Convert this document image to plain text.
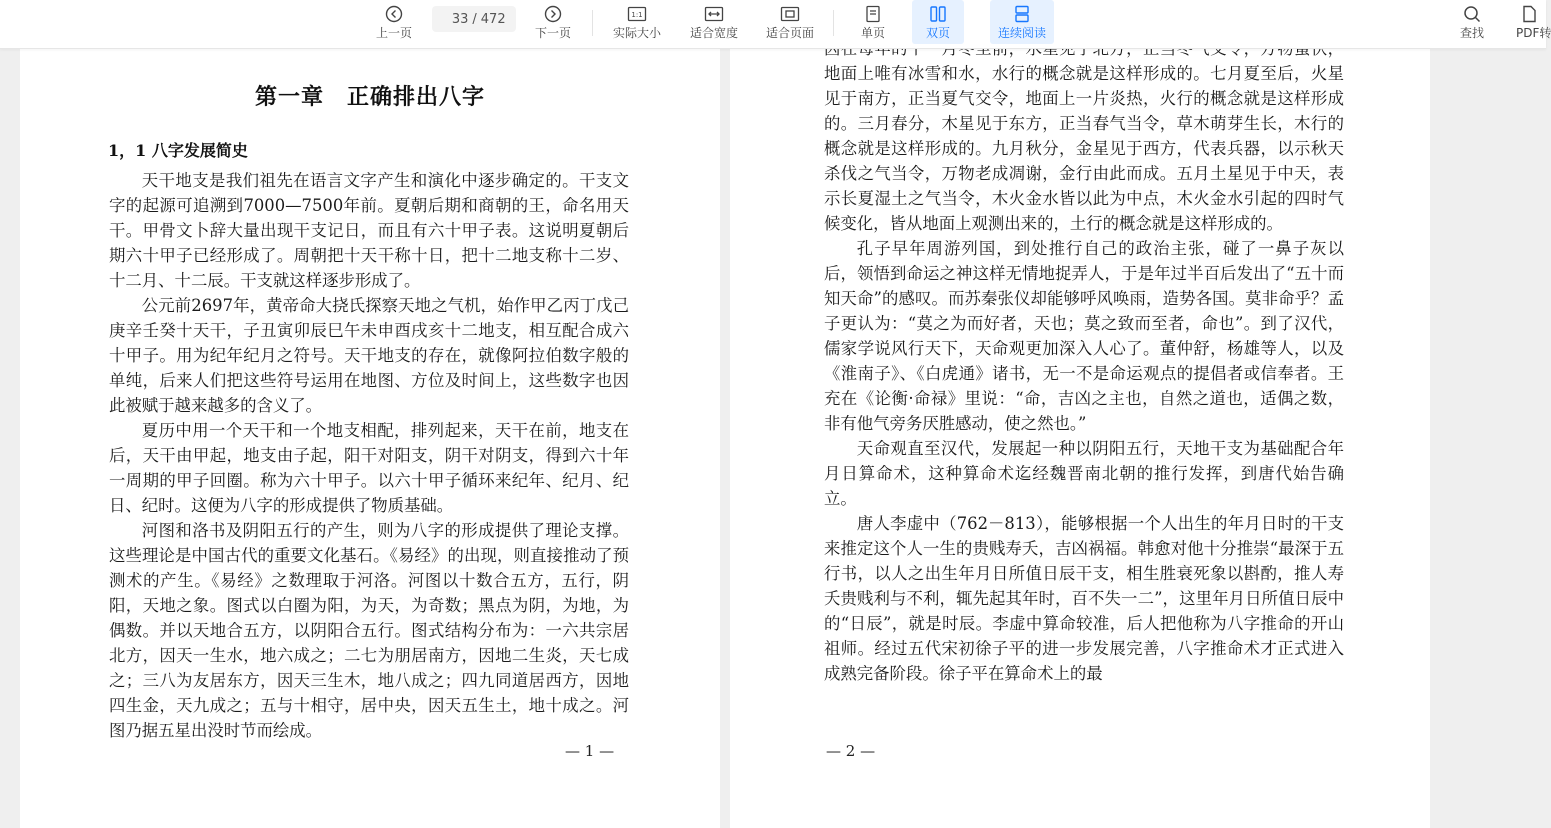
上一页
33
/ 472
下一页
1:1
实际大小 适合宽度 适合页面	单页	双页	连续阅读	查找	PDF转
第一章　正确排出八字
1，1 八字发展简史

天干地支是我们祖先在语言文字产生和演化中逐步确定的。干支文字的起源可追溯到7000—7500年前。夏朝后期和商朝的王，命名用天干。甲骨文卜辞大量出现干支记日，而且有六十甲子表。这说明夏朝后期六十甲子已经形成了。周朝把十天干称十日，把十二地支称十二岁、十二月、十二辰。干支就这样逐步形成了。

公元前2697年，黄帝命大挠氏探察天地之气机，始作甲乙丙丁戊己庚辛壬癸十天干，子丑寅卯辰巳午未申酉戌亥十二地支，相互配合成六十甲子。用为纪年纪月之符号。天干地支的存在，就像阿拉伯数字般的单纯，后来人们把这些符号运用在地图、方位及时间上，这些数字也因此被赋于越来越多的含义了。

夏历中用一个天干和一个地支相配，排列起来，天干在前，地支在后，天干由甲起，地支由子起，阳干对阳支，阴干对阴支，得到六十年一周期的甲子回圈。称为六十甲子。以六十甲子循环来纪年、纪月、纪日、纪时。这便为八字的形成提供了物质基础。

河图和洛书及阴阳五行的产生，则为八字的形成提供了理论支撑。这些理论是中国古代的重要文化基石。《易经》的出现，则直接推动了预测术的产生。《易经》之数理取于河洛。河图以十数合五方，五行，阴阳，天地之象。图式以白圈为阳，为天，为奇数；黑点为阴，为地，为偶数。并以天地合五方，以阴阳合五行。图式结构分布为：一六共宗居北方，因天一生水，地六成之；二七为朋居南方，因地二生炎，天七成之；三八为友居东方，因天三生木，地八成之；四九同道居西方，因地四生金，天九成之；五与十相守，居中央，因天五生土，地十成之。河图乃据五星出没时节而绘成。

— 1 —

地面上唯有冰雪和水，水行的概念就是这样形成的。七月夏至后，火星见于南方，正当夏气交令，地面上一片炎热，火行的概念就是这样形成的。三月春分，木星见于东方，正当春气当令，草木萌芽生长，木行的概念就是这样形成的。九月秋分，金星见于西方，代表兵器，以示秋天杀伐之气当令，万物老成凋谢，金行由此而成。五月土星见于中天，表示长夏湿土之气当令，木火金水皆以此为中点，木火金水引起的四时气候变化，皆从地面上观测出来的，土行的概念就是这样形成的。

孔子早年周游列国，到处推行自己的政治主张，碰了一鼻子灰以后，领悟到命运之神这样无情地捉弄人，于是年过半百后发出了“五十而知天命”的感叹。而苏秦张仪却能够呼风唤雨，造势各国。莫非命乎？孟子更认为：“莫之为而好者，天也；莫之致而至者，命也”。到了汉代，儒家学说风行天下，天命观更加深入人心了。董仲舒，杨雄等人，以及《淮南子》、《白虎通》诸书，无一不是命运观点的提倡者或信奉者。王充在《论衡·命禄》里说：“命，吉凶之主也，自然之道也，适偶之数，非有他气旁务厌胜感动，使之然也。”

天命观直至汉代，发展起一种以阴阳五行，天地干支为基础配合年月日算命术，这种算命术迄经魏晋南北朝的推行发挥，到唐代始告确立。

唐人李虚中（762－813），能够根据一个人出生的年月日时的干支来推定这个人一生的贵贱寿夭，吉凶祸福。韩愈对他十分推崇“最深于五行书，以人之出生年月日所值日辰干支，相生胜衰死象以斟酌，推人寿夭贵贱利与不利，辄先起其年时，百不失一二”，这里年月日所值日辰中的“日辰”，就是时辰。李虚中算命较准，后人把他称为八字推命的开山祖师。经过五代宋初徐子平的进一步发展完善，八字推命术才正式进入成熟完备阶段。徐子平在算命术上的最

— 2 —
